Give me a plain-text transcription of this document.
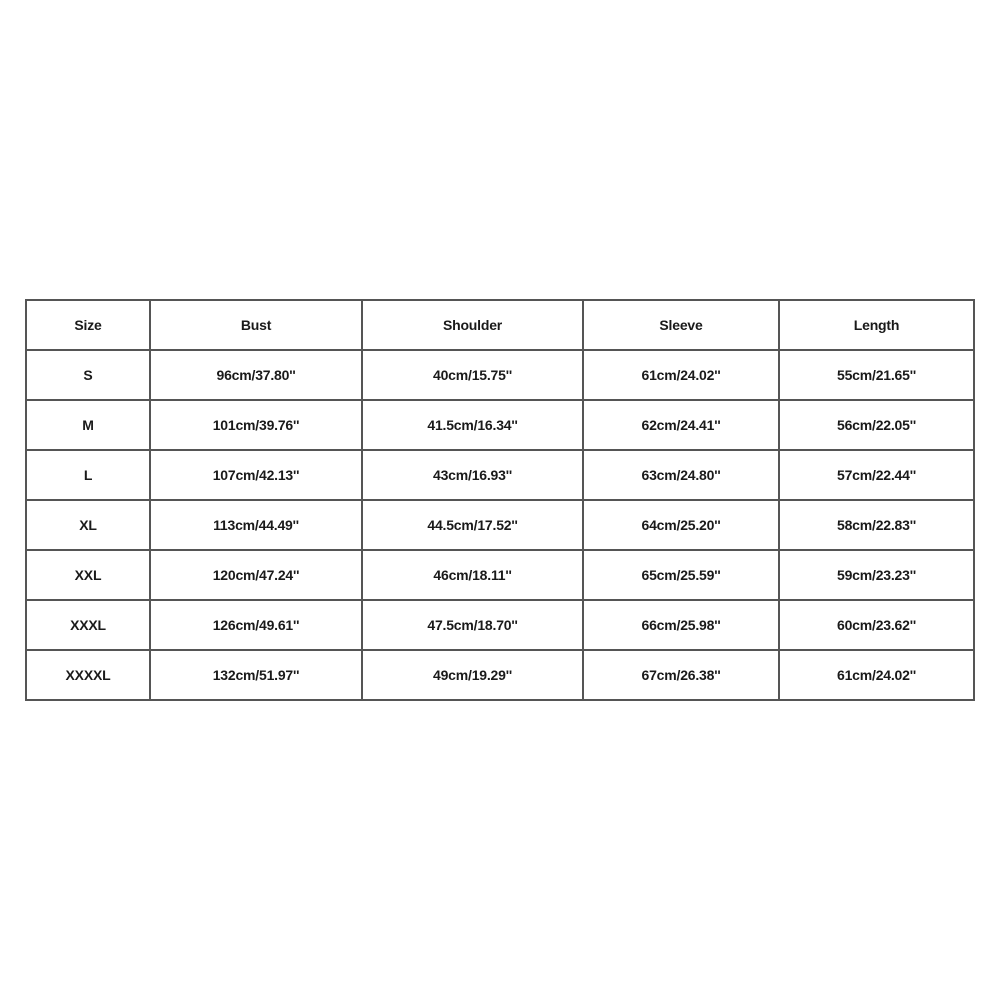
Size	Bust	Shoulder	Sleeve	Length
S	96cm/37.80''	40cm/15.75''	61cm/24.02''	55cm/21.65''
M	101cm/39.76''	41.5cm/16.34''	62cm/24.41''	56cm/22.05''
L	107cm/42.13''	43cm/16.93''	63cm/24.80''	57cm/22.44''
XL	113cm/44.49''	44.5cm/17.52''	64cm/25.20''	58cm/22.83''
XXL	120cm/47.24''	46cm/18.11''	65cm/25.59''	59cm/23.23''
XXXL	126cm/49.61''	47.5cm/18.70''	66cm/25.98''	60cm/23.62''
XXXXL	132cm/51.97''	49cm/19.29''	67cm/26.38''	61cm/24.02''
